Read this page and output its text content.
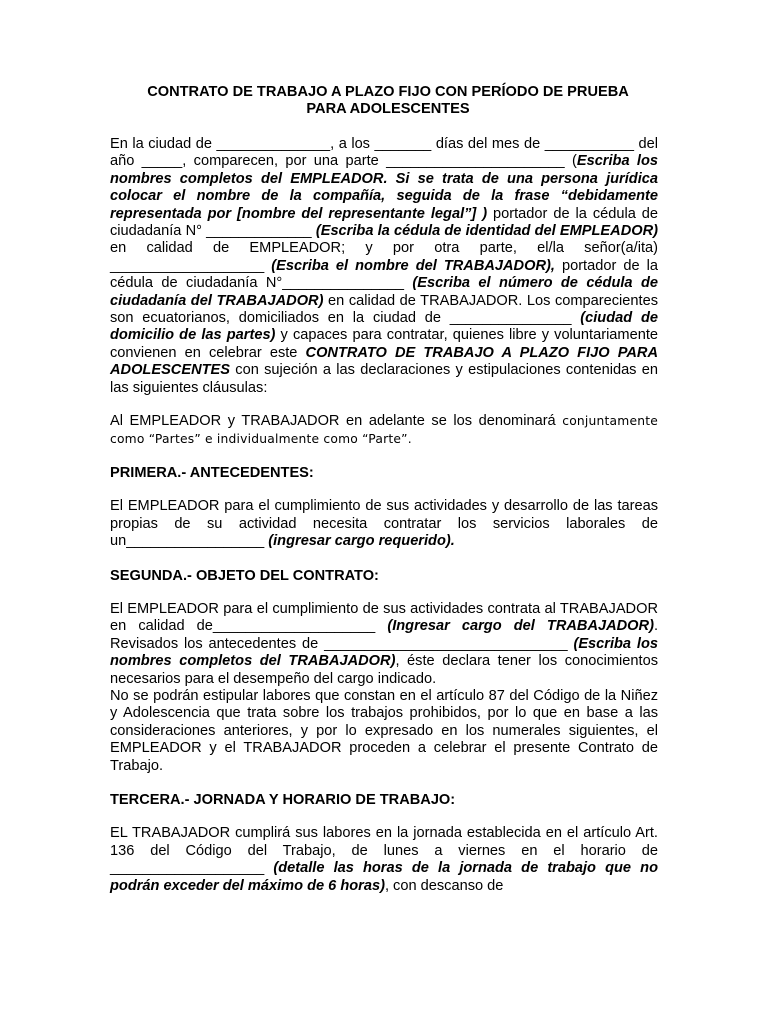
CONTRATO DE TRABAJO A PLAZO FIJO CON PERÍODO DE PRUEBA
PARA ADOLESCENTES

En la ciudad de ______________, a los _______ días del mes de ___________ del año _____, comparecen, por una parte ______________________ (Escriba los nombres completos del EMPLEADOR. Si se trata de una persona jurídica colocar el nombre de la compañía, seguida de la frase “debidamente representada por [nombre del representante legal”] ) portador de la cédula de ciudadanía N° _____________ (Escriba la cédula de identidad del EMPLEADOR) en calidad de EMPLEADOR; y por otra parte, el/la señor(a/ita) ___________________ (Escriba el nombre del TRABAJADOR), portador de la cédula de ciudadanía N°_______________ (Escriba el número de cédula de ciudadanía del TRABAJADOR) en calidad de TRABAJADOR. Los comparecientes son ecuatorianos, domiciliados en la ciudad de _______________ (ciudad de domicilio de las partes) y capaces para contratar, quienes libre y voluntariamente convienen en celebrar este CONTRATO DE TRABAJO A PLAZO FIJO PARA ADOLESCENTES con sujeción a las declaraciones y estipulaciones contenidas en las siguientes cláusulas:

Al EMPLEADOR y TRABAJADOR en adelante se los denominará conjuntamente como “Partes” e individualmente como “Parte”.

PRIMERA.- ANTECEDENTES:

El EMPLEADOR para el cumplimiento de sus actividades y desarrollo de las tareas propias de su actividad necesita contratar los servicios laborales de un_________________ (ingresar cargo requerido).

SEGUNDA.- OBJETO DEL CONTRATO:

El EMPLEADOR para el cumplimiento de sus actividades contrata al TRABAJADOR en calidad de____________________ (Ingresar cargo del TRABAJADOR). Revisados los antecedentes de ______________________________ (Escriba los nombres completos del TRABAJADOR), éste declara tener los conocimientos necesarios para el desempeño del cargo indicado.

No se podrán estipular labores que constan en el artículo 87 del Código de la Niñez y Adolescencia que trata sobre los trabajos prohibidos, por lo que en base a las consideraciones anteriores, y por lo expresado en los numerales siguientes, el EMPLEADOR y el TRABAJADOR proceden a celebrar el presente Contrato de Trabajo.

TERCERA.- JORNADA Y HORARIO DE TRABAJO:

EL TRABAJADOR cumplirá sus labores en la jornada establecida en el artículo Art. 136 del Código del Trabajo, de lunes a viernes en el horario de ___________________ (detalle las horas de la jornada de trabajo que no podrán exceder del máximo de 6 horas), con descanso de
